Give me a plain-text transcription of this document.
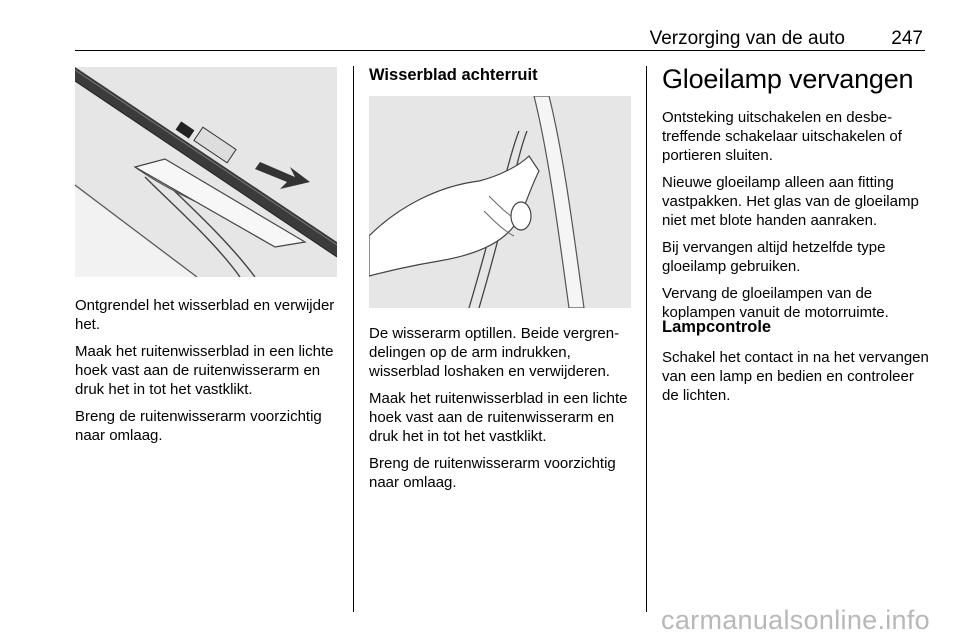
Verzorging van de auto 247

Ontgrendel het wisserblad en verwijder het.

Maak het ruitenwisserblad in een lichte hoek vast aan de ruitenwisserarm en druk het in tot het vastklikt.

Breng de ruitenwisserarm voorzichtig naar omlaag.

Wisserblad achterruit

De wisserarm optillen. Beide vergrendelingen op de arm indrukken, wisserblad loshaken en verwijderen.

Maak het ruitenwisserblad in een lichte hoek vast aan de ruitenwisserarm en druk het in tot het vastklikt.

Breng de ruitenwisserarm voorzichtig naar omlaag.

Gloeilamp vervangen

Ontsteking uitschakelen en desbetreffende schakelaar uitschakelen of portieren sluiten.

Nieuwe gloeilamp alleen aan fitting vastpakken. Het glas van de gloeilamp niet met blote handen aanraken.

Bij vervangen altijd hetzelfde type gloeilamp gebruiken.

Vervang de gloeilampen van de koplampen vanuit de motorruimte.

Lampcontrole

Schakel het contact in na het vervangen van een lamp en bedien en controleer de lichten.

carmanualsonline.info
